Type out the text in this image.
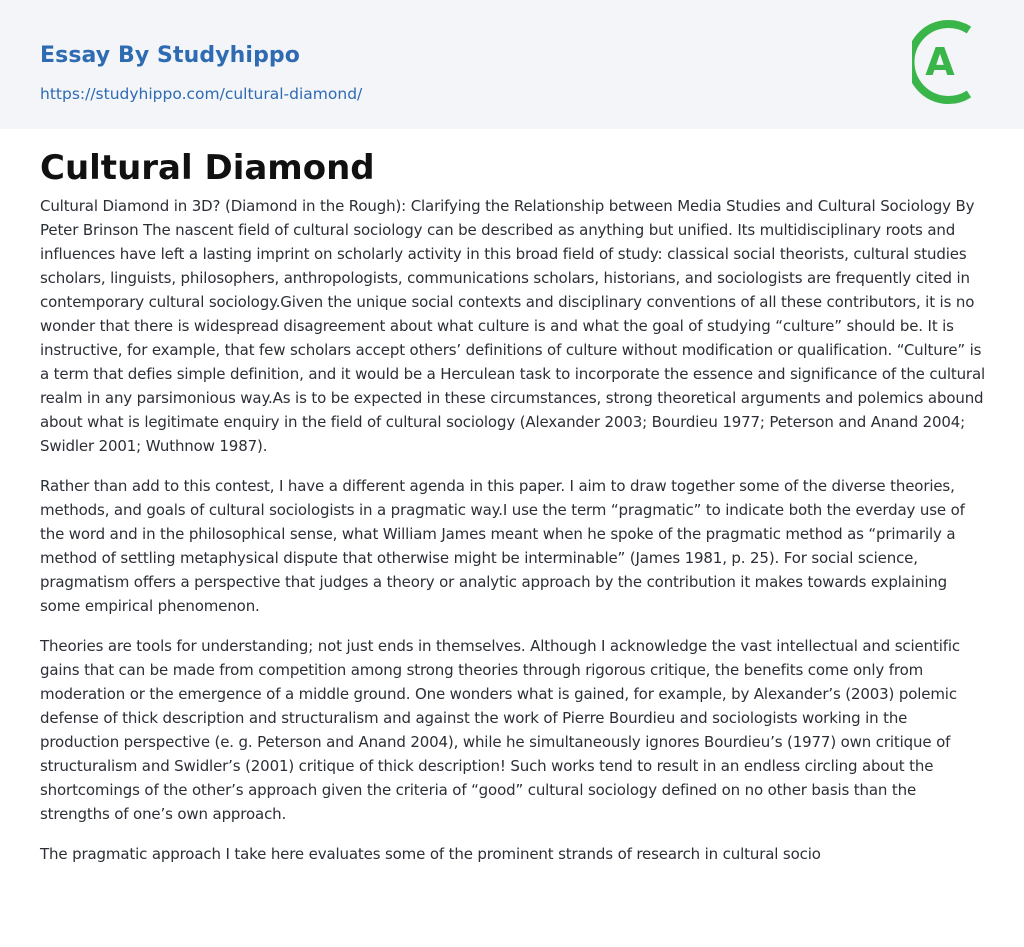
Essay By Studyhippo
https://studyhippo.com/cultural-diamond/
A
Cultural Diamond

Cultural Diamond in 3D? (Diamond in the Rough): Clarifying the Relationship between Media Studies and Cultural Sociology By Peter Brinson The nascent field of cultural sociology can be described as anything but unified. Its multidisciplinary roots and influences have left a lasting imprint on scholarly activity in this broad field of study: classical social theorists, cultural studies scholars, linguists, philosophers, anthropologists, communications scholars, historians, and sociologists are frequently cited in contemporary cultural sociology.Given the unique social contexts and disciplinary conventions of all these contributors, it is no wonder that there is widespread disagreement about what culture is and what the goal of studying “culture” should be. It is instructive, for example, that few scholars accept others’ definitions of culture without modification or qualification. “Culture” is a term that defies simple definition, and it would be a Herculean task to incorporate the essence and significance of the cultural realm in any parsimonious way.As is to be expected in these circumstances, strong theoretical arguments and polemics abound about what is legitimate enquiry in the field of cultural sociology (Alexander 2003; Bourdieu 1977; Peterson and Anand 2004; Swidler 2001; Wuthnow 1987).

Rather than add to this contest, I have a different agenda in this paper. I aim to draw together some of the diverse theories, methods, and goals of cultural sociologists in a pragmatic way.I use the term “pragmatic” to indicate both the everday use of the word and in the philosophical sense, what William James meant when he spoke of the pragmatic method as “primarily a method of settling metaphysical dispute that otherwise might be interminable” (James 1981, p. 25). For social science, pragmatism offers a perspective that judges a theory or analytic approach by the contribution it makes towards explaining some empirical phenomenon.

Theories are tools for understanding; not just ends in themselves. Although I acknowledge the vast intellectual and scientific gains that can be made from competition among strong theories through rigorous critique, the benefits come only from moderation or the emergence of a middle ground. One wonders what is gained, for example, by Alexander’s (2003) polemic defense of thick description and structuralism and against the work of Pierre Bourdieu and sociologists working in the production perspective (e. g. Peterson and Anand 2004), while he simultaneously ignores Bourdieu’s (1977) own critique of structuralism and Swidler’s (2001) critique of thick description! Such works tend to result in an endless circling about the shortcomings of the other’s approach given the criteria of “good” cultural sociology defined on no other basis than the strengths of one’s own approach.

The pragmatic approach I take here evaluates some of the prominent strands of research in cultural socio
